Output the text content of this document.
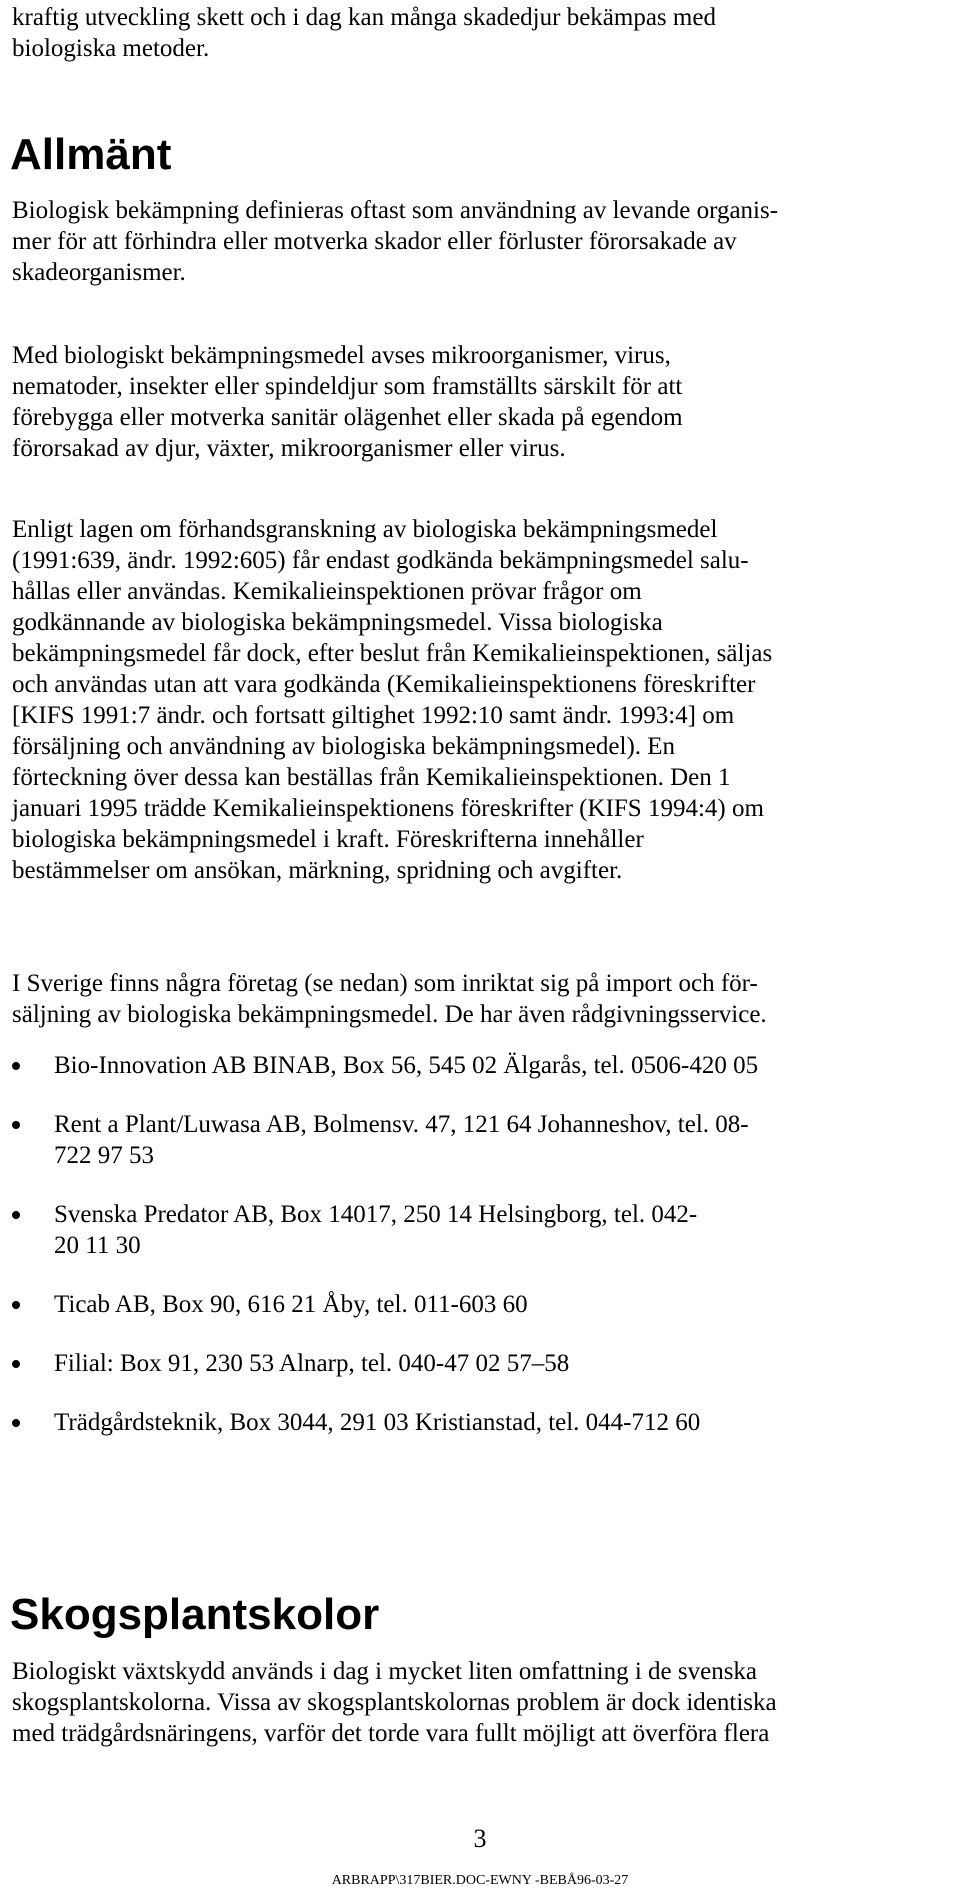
kraftig utveckling skett och i dag kan många skadedjur bekämpas med
biologiska metoder.

Allmänt

Biologisk bekämpning definieras oftast som användning av levande organis-
mer för att förhindra eller motverka skador eller förluster förorsakade av
skadeorganismer.

Med biologiskt bekämpningsmedel avses mikroorganismer, virus,
nematoder, insekter eller spindeldjur som framställts särskilt för att
förebygga eller motverka sanitär olägenhet eller skada på egendom
förorsakad av djur, växter, mikroorganismer eller virus.

Enligt lagen om förhandsgranskning av biologiska bekämpningsmedel
(1991:639, ändr. 1992:605) får endast godkända bekämpningsmedel salu-
hållas eller användas. Kemikalieinspektionen prövar frågor om
godkännande av biologiska bekämpningsmedel. Vissa biologiska
bekämpningsmedel får dock, efter beslut från Kemikalieinspektionen, säljas
och användas utan att vara godkända (Kemikalieinspektionens föreskrifter
[KIFS 1991:7 ändr. och fortsatt giltighet 1992:10 samt ändr. 1993:4] om
försäljning och användning av biologiska bekämpningsmedel). En
förteckning över dessa kan beställas från Kemikalieinspektionen. Den 1
januari 1995 trädde Kemikalieinspektionens föreskrifter (KIFS 1994:4) om
biologiska bekämpningsmedel i kraft. Föreskrifterna innehåller
bestämmelser om ansökan, märkning, spridning och avgifter.

I Sverige finns några företag (se nedan) som inriktat sig på import och för-
säljning av biologiska bekämpningsmedel. De har även rådgivningsservice.

Bio-Innovation AB BINAB, Box 56, 545 02 Älgarås, tel. 0506-420 05
Rent a Plant/Luwasa AB, Bolmensv. 47, 121 64 Johanneshov, tel. 08-
722 97 53
Svenska Predator AB, Box 14017, 250 14 Helsingborg, tel. 042-
20 11 30
Ticab AB, Box 90, 616 21 Åby, tel. 011-603 60
Filial: Box 91, 230 53 Alnarp, tel. 040-47 02 57–58
Trädgårdsteknik, Box 3044, 291 03 Kristianstad, tel. 044-712 60
Skogsplantskolor

Biologiskt växtskydd används i dag i mycket liten omfattning i de svenska
skogsplantskolorna. Vissa av skogsplantskolornas problem är dock identiska
med trädgårdsnäringens, varför det torde vara fullt möjligt att överföra flera

3
ARBRAPP\317BIER.DOC-EWNY -BEBÅ96-03-27
